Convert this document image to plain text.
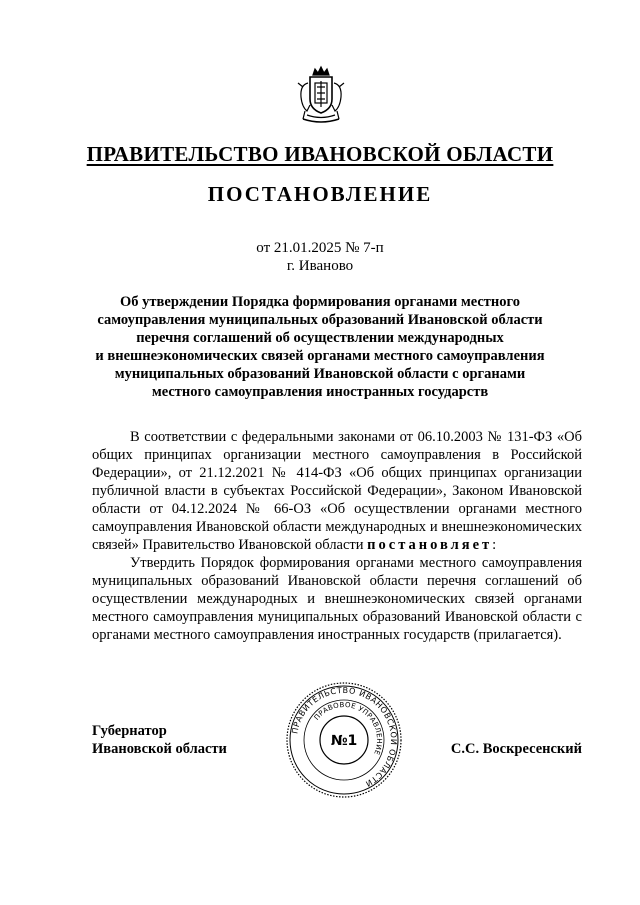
ПРАВИТЕЛЬСТВО ИВАНОВСКОЙ ОБЛАСТИ
ПОСТАНОВЛЕНИЕ
от 21.01.2025 № 7-п
г. Иваново
Об утверждении Порядка формирования органами местного
самоуправления муниципальных образований Ивановской области
перечня соглашений об осуществлении международных
и внешнеэкономических связей органами местного самоуправления
муниципальных образований Ивановской области с органами
местного самоуправления иностранных государств

В соответствии с федеральными законами от 06.10.2003 № 131-ФЗ «Об общих принципах организации местного самоуправления в Российской Федерации», от 21.12.2021 № 414-ФЗ «Об общих принципах организации публичной власти в субъектах Российской Федерации», Законом Ивановской области от 04.12.2024 № 66-ОЗ «Об осуществлении органами местного самоуправления Ивановской области международных и внешнеэкономических связей» Правительство Ивановской области постановляет:

Утвердить Порядок формирования органами местного самоуправления муниципальных образований Ивановской области перечня соглашений об осуществлении международных и внешнеэкономических связей органами местного самоуправления муниципальных образований Ивановской области с органами местного самоуправления иностранных государств (прилагается).

Губернатор
Ивановской области
ПРАВИТЕЛЬСТВО ИВАНОВСКОЙ ОБЛАСТИ
ПРАВОВОЕ УПРАВЛЕНИЕ
№1	С.С. Воскресенский
